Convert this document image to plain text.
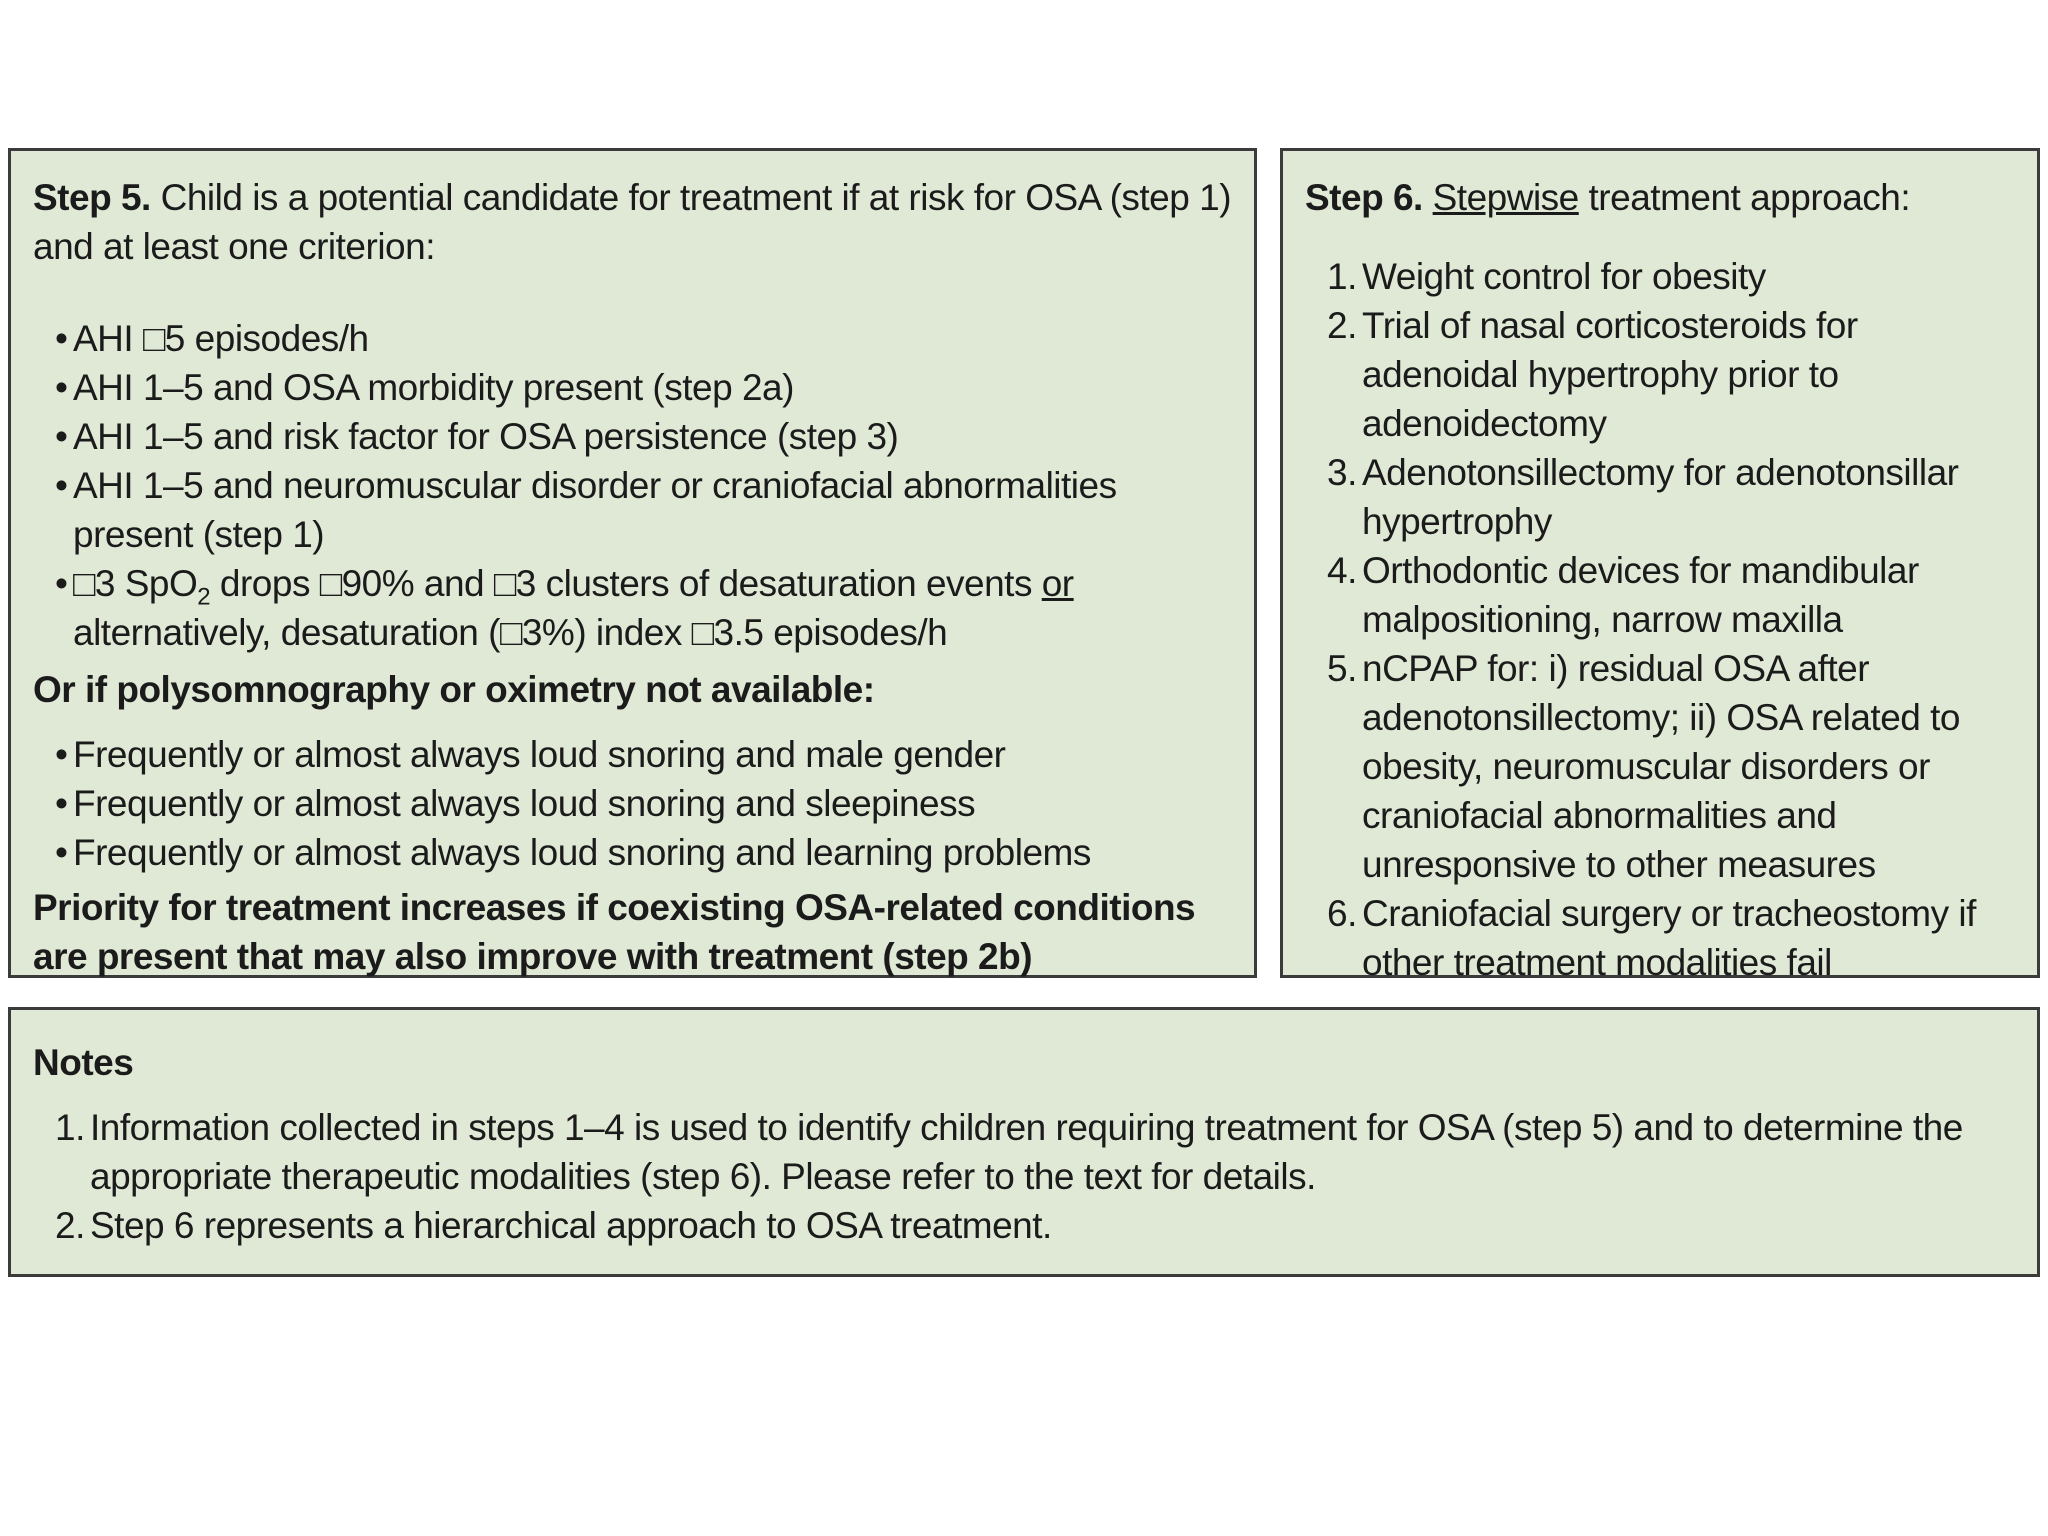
Step 5. Child is a potential candidate for treatment if at risk for OSA (step 1) and at least one criterion:
• AHI □5 episodes/h
• AHI 1–5 and OSA morbidity present (step 2a)
• AHI 1–5 and risk factor for OSA persistence (step 3)
• AHI 1–5 and neuromuscular disorder or craniofacial abnormalities present (step 1)
• □3 SpO$_2$ drops □90% and □3 clusters of desaturation events or alternatively, desaturation (□3%) index □3.5 episodes/h
Or if polysomnography or oximetry not available:
• Frequently or almost always loud snoring and male gender
• Frequently or almost always loud snoring and sleepiness
• Frequently or almost always loud snoring and learning problems
Priority for treatment increases if coexisting OSA-related conditions are present that may also improve with treatment (step 2b)
Step 6. Stepwise treatment approach:
1. Weight control for obesity
2. Trial of nasal corticosteroids for adenoidal hypertrophy prior to adenoidectomy
3. Adenotonsillectomy for adenotonsillar hypertrophy
4. Orthodontic devices for mandibular malpositioning, narrow maxilla
5. nCPAP for: i) residual OSA after adenotonsillectomy; ii) OSA related to obesity, neuromuscular disorders or craniofacial abnormalities and unresponsive to other measures
6. Craniofacial surgery or tracheostomy if other treatment modalities fail
Notes
1. Information collected in steps 1–4 is used to identify children requiring treatment for OSA (step 5) and to determine the appropriate therapeutic modalities (step 6). Please refer to the text for details.
2. Step 6 represents a hierarchical approach to OSA treatment.
